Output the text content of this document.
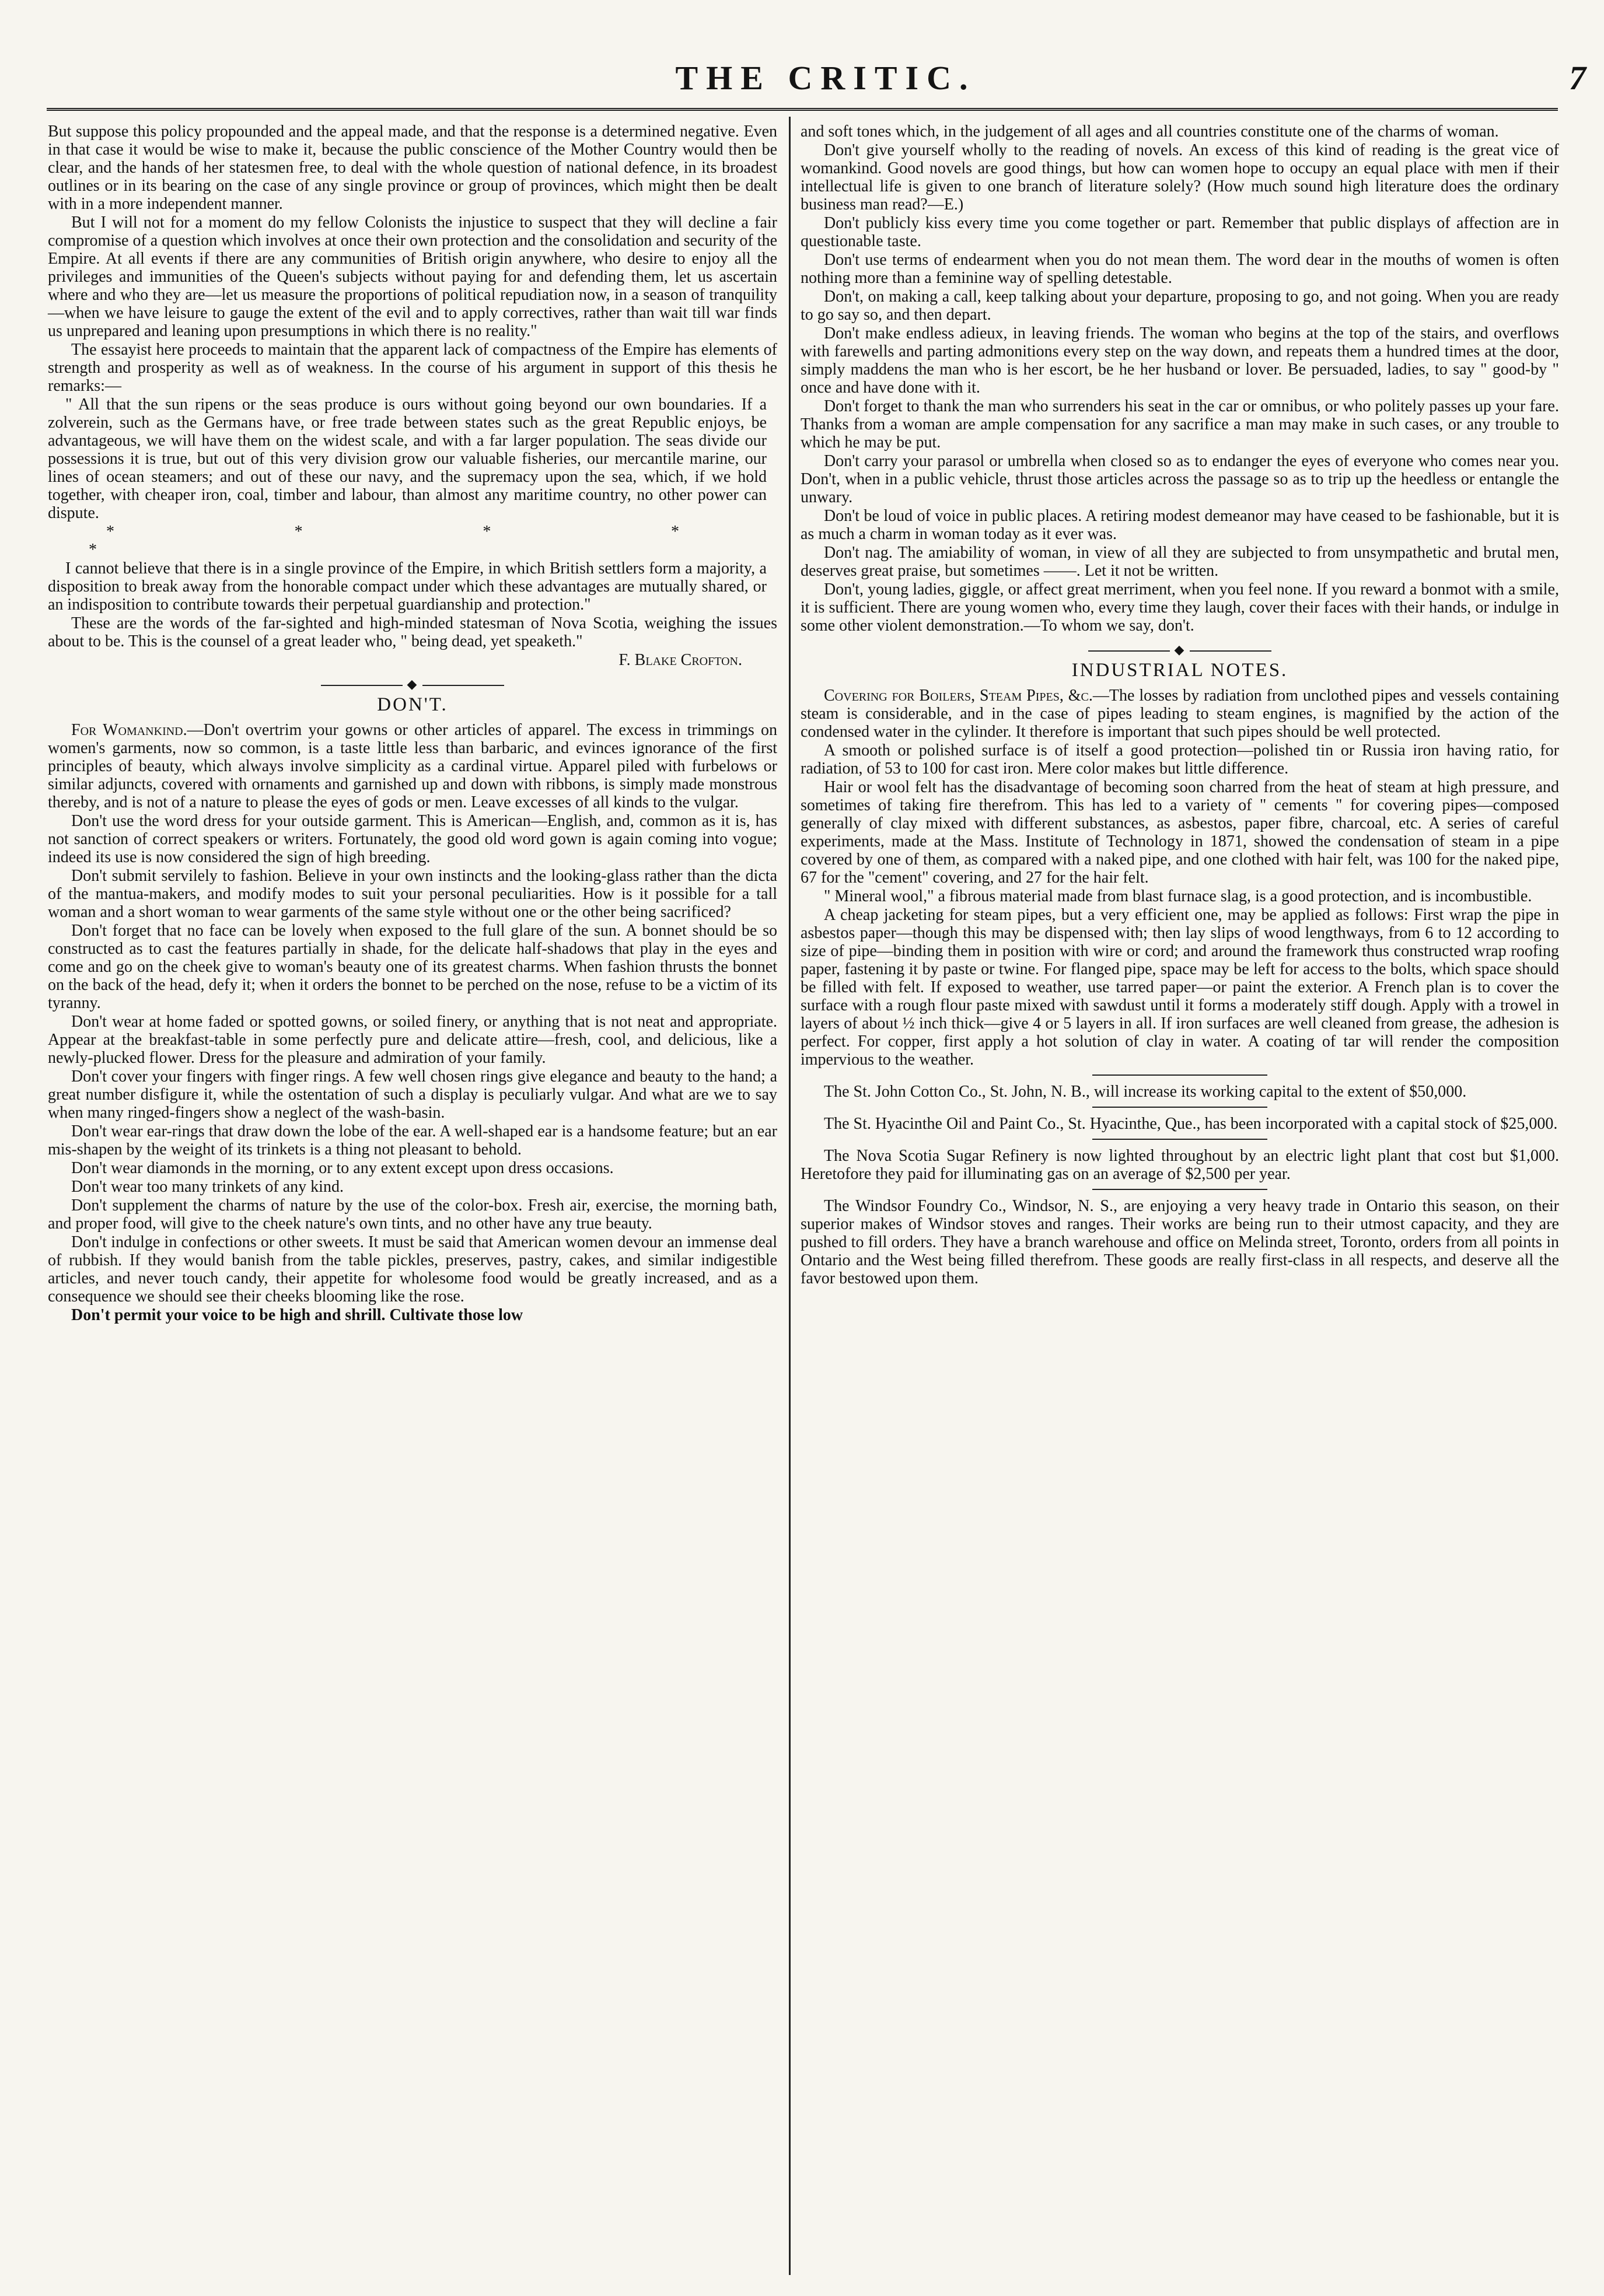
THE CRITIC.	7

But suppose this policy propounded and the appeal made, and that the response is a determined negative. Even in that case it would be wise to make it, because the public conscience of the Mother Country would then be clear, and the hands of her statesmen free, to deal with the whole question of national defence, in its broadest outlines or in its bearing on the case of any single province or group of provinces, which might then be dealt with in a more independent manner.

But I will not for a moment do my fellow Colonists the injustice to suspect that they will decline a fair compromise of a question which involves at once their own protection and the consolidation and security of the Empire. At all events if there are any communities of British origin anywhere, who desire to enjoy all the privileges and immunities of the Queen's subjects without paying for and defending them, let us ascertain where and who they are—let us measure the proportions of political repudiation now, in a season of tranquility—when we have leisure to gauge the extent of the evil and to apply correctives, rather than wait till war finds us unprepared and leaning upon presumptions in which there is no reality."

The essayist here proceeds to maintain that the apparent lack of compactness of the Empire has elements of strength and prosperity as well as of weakness. In the course of his argument in support of this thesis he remarks:—

" All that the sun ripens or the seas produce is ours without going beyond our own boundaries. If a zolverein, such as the Germans have, or free trade between states such as the great Republic enjoys, be advantageous, we will have them on the widest scale, and with a far larger population. The seas divide our possessions it is true, but out of this very division grow our valuable fisheries, our mercantile marine, our lines of ocean steamers; and out of these our navy, and the supremacy upon the sea, which, if we hold together, with cheaper iron, coal, timber and labour, than almost any maritime country, no other power can dispute.

* * * * *

I cannot believe that there is in a single province of the Empire, in which British settlers form a majority, a disposition to break away from the honorable compact under which these advantages are mutually shared, or an indisposition to contribute towards their perpetual guardianship and protection."

These are the words of the far-sighted and high-minded statesman of Nova Scotia, weighing the issues about to be. This is the counsel of a great leader who, " being dead, yet speaketh."

F. Blake Crofton.

◆
DON'T.

For Womankind.—Don't overtrim your gowns or other articles of apparel. The excess in trimmings on women's garments, now so common, is a taste little less than barbaric, and evinces ignorance of the first principles of beauty, which always involve simplicity as a cardinal virtue. Apparel piled with furbelows or similar adjuncts, covered with ornaments and garnished up and down with ribbons, is simply made monstrous thereby, and is not of a nature to please the eyes of gods or men. Leave excesses of all kinds to the vulgar.

Don't use the word dress for your outside garment. This is American—English, and, common as it is, has not sanction of correct speakers or writers. Fortunately, the good old word gown is again coming into vogue; indeed its use is now considered the sign of high breeding.

Don't submit servilely to fashion. Believe in your own instincts and the looking-glass rather than the dicta of the mantua-makers, and modify modes to suit your personal peculiarities. How is it possible for a tall woman and a short woman to wear garments of the same style without one or the other being sacrificed?

Don't forget that no face can be lovely when exposed to the full glare of the sun. A bonnet should be so constructed as to cast the features partially in shade, for the delicate half-shadows that play in the eyes and come and go on the cheek give to woman's beauty one of its greatest charms. When fashion thrusts the bonnet on the back of the head, defy it; when it orders the bonnet to be perched on the nose, refuse to be a victim of its tyranny.

Don't wear at home faded or spotted gowns, or soiled finery, or anything that is not neat and appropriate. Appear at the breakfast-table in some perfectly pure and delicate attire—fresh, cool, and delicious, like a newly-plucked flower. Dress for the pleasure and admiration of your family.

Don't cover your fingers with finger rings. A few well chosen rings give elegance and beauty to the hand; a great number disfigure it, while the ostentation of such a display is peculiarly vulgar. And what are we to say when many ringed-fingers show a neglect of the wash-basin.

Don't wear ear-rings that draw down the lobe of the ear. A well-shaped ear is a handsome feature; but an ear mis-shapen by the weight of its trinkets is a thing not pleasant to behold.

Don't wear diamonds in the morning, or to any extent except upon dress occasions.

Don't wear too many trinkets of any kind.

Don't supplement the charms of nature by the use of the color-box. Fresh air, exercise, the morning bath, and proper food, will give to the cheek nature's own tints, and no other have any true beauty.

Don't indulge in confections or other sweets. It must be said that American women devour an immense deal of rubbish. If they would banish from the table pickles, preserves, pastry, cakes, and similar indigestible articles, and never touch candy, their appetite for wholesome food would be greatly increased, and as a consequence we should see their cheeks blooming like the rose.

Don't permit your voice to be high and shrill. Cultivate those low

and soft tones which, in the judgement of all ages and all countries constitute one of the charms of woman.

Don't give yourself wholly to the reading of novels. An excess of this kind of reading is the great vice of womankind. Good novels are good things, but how can women hope to occupy an equal place with men if their intellectual life is given to one branch of literature solely? (How much sound high literature does the ordinary business man read?—E.)

Don't publicly kiss every time you come together or part. Remember that public displays of affection are in questionable taste.

Don't use terms of endearment when you do not mean them. The word dear in the mouths of women is often nothing more than a feminine way of spelling detestable.

Don't, on making a call, keep talking about your departure, proposing to go, and not going. When you are ready to go say so, and then depart.

Don't make endless adieux, in leaving friends. The woman who begins at the top of the stairs, and overflows with farewells and parting admonitions every step on the way down, and repeats them a hundred times at the door, simply maddens the man who is her escort, be he her husband or lover. Be persuaded, ladies, to say " good-by " once and have done with it.

Don't forget to thank the man who surrenders his seat in the car or omnibus, or who politely passes up your fare. Thanks from a woman are ample compensation for any sacrifice a man may make in such cases, or any trouble to which he may be put.

Don't carry your parasol or umbrella when closed so as to endanger the eyes of everyone who comes near you. Don't, when in a public vehicle, thrust those articles across the passage so as to trip up the heedless or entangle the unwary.

Don't be loud of voice in public places. A retiring modest demeanor may have ceased to be fashionable, but it is as much a charm in woman today as it ever was.

Don't nag. The amiability of woman, in view of all they are subjected to from unsympathetic and brutal men, deserves great praise, but sometimes ——. Let it not be written.

Don't, young ladies, giggle, or affect great merriment, when you feel none. If you reward a bonmot with a smile, it is sufficient. There are young women who, every time they laugh, cover their faces with their hands, or indulge in some other violent demonstration.—To whom we say, don't.

◆
INDUSTRIAL NOTES.

Covering for Boilers, Steam Pipes, &c.—The losses by radiation from unclothed pipes and vessels containing steam is considerable, and in the case of pipes leading to steam engines, is magnified by the action of the condensed water in the cylinder. It therefore is important that such pipes should be well protected.

A smooth or polished surface is of itself a good protection—polished tin or Russia iron having ratio, for radiation, of 53 to 100 for cast iron. Mere color makes but little difference.

Hair or wool felt has the disadvantage of becoming soon charred from the heat of steam at high pressure, and sometimes of taking fire therefrom. This has led to a variety of " cements " for covering pipes—composed generally of clay mixed with different substances, as asbestos, paper fibre, charcoal, etc. A series of careful experiments, made at the Mass. Institute of Technology in 1871, showed the condensation of steam in a pipe covered by one of them, as compared with a naked pipe, and one clothed with hair felt, was 100 for the naked pipe, 67 for the "cement" covering, and 27 for the hair felt.

" Mineral wool," a fibrous material made from blast furnace slag, is a good protection, and is incombustible.

A cheap jacketing for steam pipes, but a very efficient one, may be applied as follows: First wrap the pipe in asbestos paper—though this may be dispensed with; then lay slips of wood lengthways, from 6 to 12 according to size of pipe—binding them in position with wire or cord; and around the framework thus constructed wrap roofing paper, fastening it by paste or twine. For flanged pipe, space may be left for access to the bolts, which space should be filled with felt. If exposed to weather, use tarred paper—or paint the exterior. A French plan is to cover the surface with a rough flour paste mixed with sawdust until it forms a moderately stiff dough. Apply with a trowel in layers of about ½ inch thick—give 4 or 5 layers in all. If iron surfaces are well cleaned from grease, the adhesion is perfect. For copper, first apply a hot solution of clay in water. A coating of tar will render the composition impervious to the weather.

The St. John Cotton Co., St. John, N. B., will increase its working capital to the extent of $50,000.

The St. Hyacinthe Oil and Paint Co., St. Hyacinthe, Que., has been incorporated with a capital stock of $25,000.

The Nova Scotia Sugar Refinery is now lighted throughout by an electric light plant that cost but $1,000. Heretofore they paid for illuminating gas on an average of $2,500 per year.

The Windsor Foundry Co., Windsor, N. S., are enjoying a very heavy trade in Ontario this season, on their superior makes of Windsor stoves and ranges. Their works are being run to their utmost capacity, and they are pushed to fill orders. They have a branch warehouse and office on Melinda street, Toronto, orders from all points in Ontario and the West being filled therefrom. These goods are really first-class in all respects, and deserve all the favor bestowed upon them.
